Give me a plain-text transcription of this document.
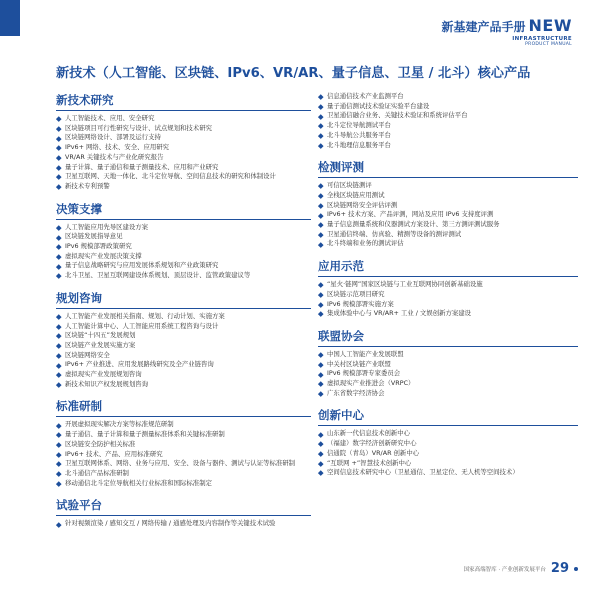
新基建产品手册 NEW
INFRASTRUCTURE
PRODUCT MANUAL
新技术（人工智能、区块链、IPv6、VR/AR、量子信息、卫星 / 北斗）核心产品
新技术研究
人工智能技术、应用、安全研究
区块链项目可行性研究与设计、试点规划和技术研究
区块链网络设计、部署及运行支持
IPv6+ 网络、技术、安全、应用研究
VR/AR 关键技术与产业化研究报告
量子计算、量子通信和量子测量技术、应用和产业研究
卫星互联网、天地一体化、北斗定位导航、空间信息技术的研究和体制设计
新技术专利预警
决策支撑
人工智能应用先导区建设方案
区块链发展指导意见
IPv6 规模部署政策研究
虚拟现实产业发展决策支撑
量子信息战略研究与应用发展体系规划和产业政策研究
北斗卫星、卫星互联网建设体系规划、顶层设计、监管政策建议等
规划咨询
人工智能产业发展相关指南、规划、行动计划、实施方案
人工智能计算中心、人工智能应用系统工程咨询与设计
区块链“十四五”发展规划
区块链产业发展实施方案
区块链网络安全
IPv6+ 产业推进、应用发展路线研究及全产业链咨询
虚拟现实产业发展规划咨询
新技术知识产权发展规划咨询
标准研制
开展虚拟现实解决方案等标准规范研制
量子通信、量子计算和量子测量标准体系和关键标准研制
区块链安全防护相关标准
IPv6+ 技术、产品、应用标准研究
卫星互联网体系、网络、业务与应用、安全、设备与器件、测试与认证等标准研制
北斗通信产品标准研制
移动通信北斗定位导航相关行业标准和国际标准制定
试验平台
针对视频渲染 / 感知交互 / 网络传输 / 通感处理及内容制作等关键技术试验
信息通信技术产业监测平台
量子通信测试技术验证实验平台建设
卫星通信融合业务、关键技术验证和系统评估平台
北斗定位导航测试平台
北斗导航公共服务平台
北斗地理信息服务平台
检测评测
可信区块链测评
全栈区块链应用测试
区块链网络安全评估评测
IPv6+ 技术方案、产品评测，网站及应用 IPv6 支持度评测
量子信息测量系统和仪器测试方案设计、第三方测评测试服务
卫星通信终端、仿真验、精测等设备的测评测试
北斗终端和业务的测试评估
应用示范
“星火·链网”国家区块链与工业互联网协同创新基础设施
区块链示范项目研究
IPv6 规模部署实施方案
集成体验中心与 VR/AR+ 工业 / 文娱创新方案建设
联盟协会
中国人工智能产业发展联盟
中关村区块链产业联盟
IPv6 规模部署专家委员会
虚拟现实产业推进会（VRPC）
广东省数字经济协会
创新中心
山东新一代信息技术创新中心
（福建）数字经济创新研究中心
信通院（青岛）VR/AR 创新中心
“互联网 +”智慧技术创新中心
空间信息技术研究中心（卫星通信、卫星定位、无人机等空间技术）
国家高端智库 · 产业创新发展平台 29
